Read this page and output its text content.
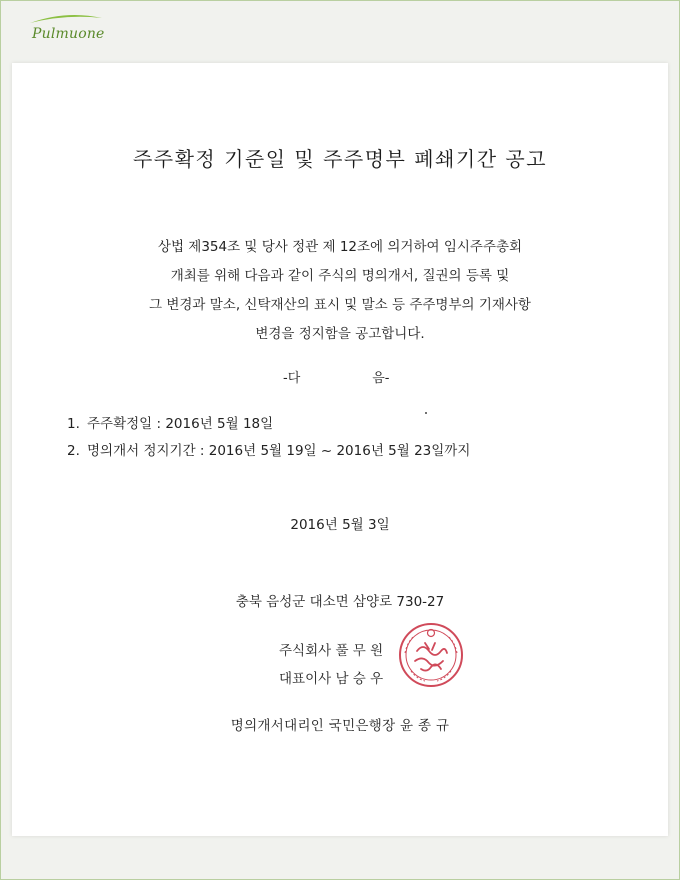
Pulmuone
주주확정 기준일 및 주주명부 폐쇄기간 공고
상법 제354조 및 당사 정관 제 12조에 의거하여 임시주주총회
개최를 위해 다음과 같이 주식의 명의개서, 질권의 등록 및
그 변경과 말소, 신탁재산의 표시 및 말소 등 주주명부의 기재사항
변경을 정지함을 공고합니다.
-다	음-
1. 주주확정일 : 2016년 5월 18일
2. 명의개서 정지기간 : 2016년 5월 19일 ~ 2016년 5월 23일까지
2016년 5월 3일
충북 음성군 대소면 삼양로 730-27
주식회사 풀 무 원
대표이사 남 승 우
명의개서대리인 국민은행장 윤 종 규
